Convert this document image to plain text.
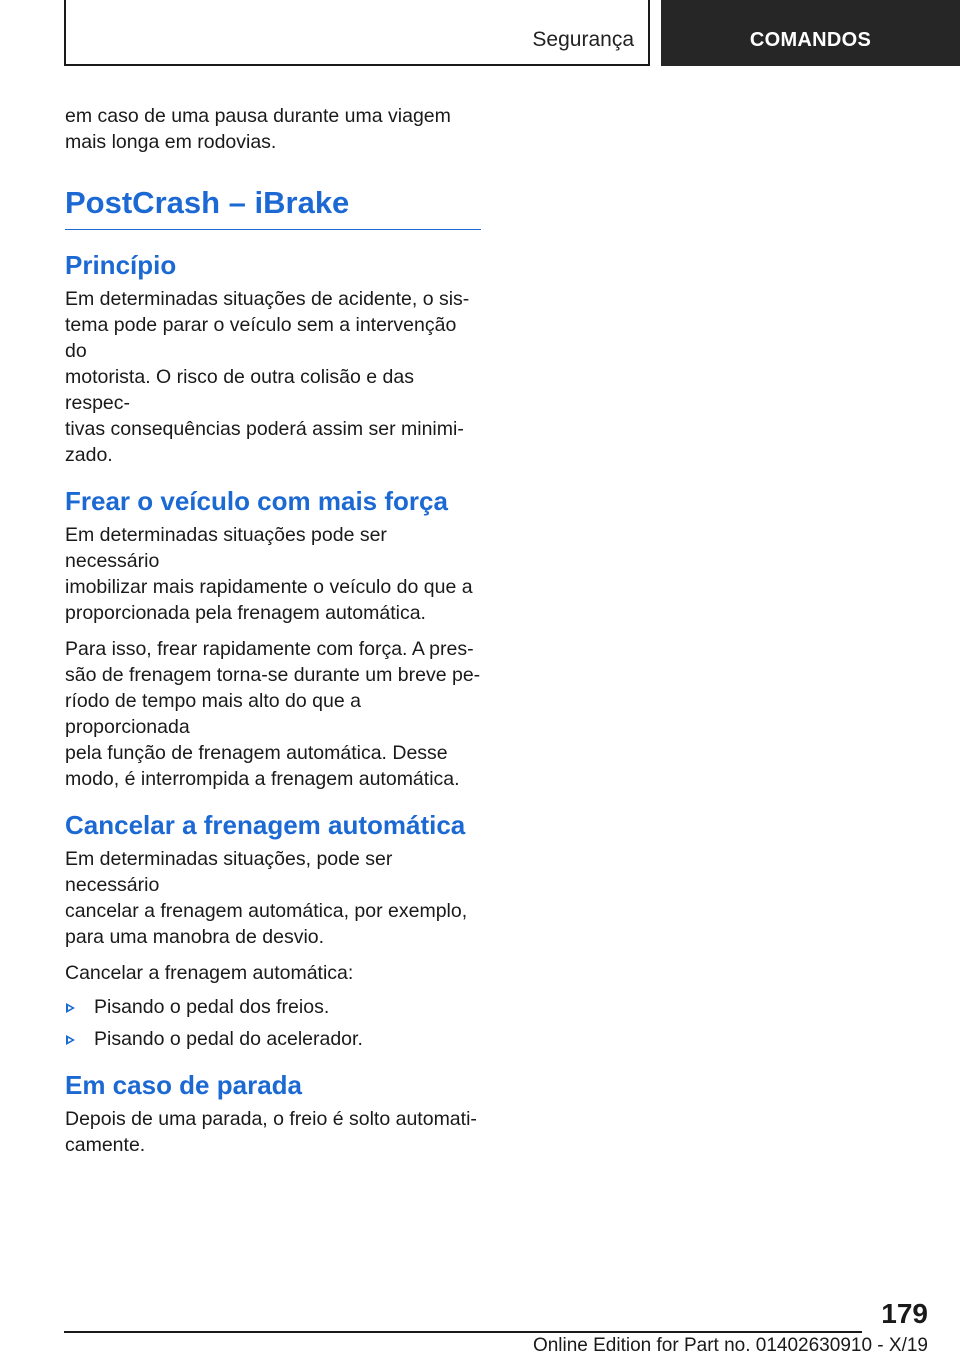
Segurança	COMANDOS

em caso de uma pausa durante uma viagem
mais longa em rodovias.

PostCrash – iBrake
Princípio

Em determinadas situações de acidente, o sis-
tema pode parar o veículo sem a intervenção do
motorista. O risco de outra colisão e das respec-
tivas consequências poderá assim ser minimi-
zado.

Frear o veículo com mais força

Em determinadas situações pode ser necessário
imobilizar mais rapidamente o veículo do que a
proporcionada pela frenagem automática.

Para isso, frear rapidamente com força. A pres-
são de frenagem torna-se durante um breve pe-
ríodo de tempo mais alto do que a proporcionada
pela função de frenagem automática. Desse
modo, é interrompida a frenagem automática.

Cancelar a frenagem automática

Em determinadas situações, pode ser necessário
cancelar a frenagem automática, por exemplo,
para uma manobra de desvio.

Cancelar a frenagem automática:

Pisando o pedal dos freios.
Pisando o pedal do acelerador.
Em caso de parada

Depois de uma parada, o freio é solto automati-
camente.

179
Online Edition for Part no. 01402630910 - X/19
